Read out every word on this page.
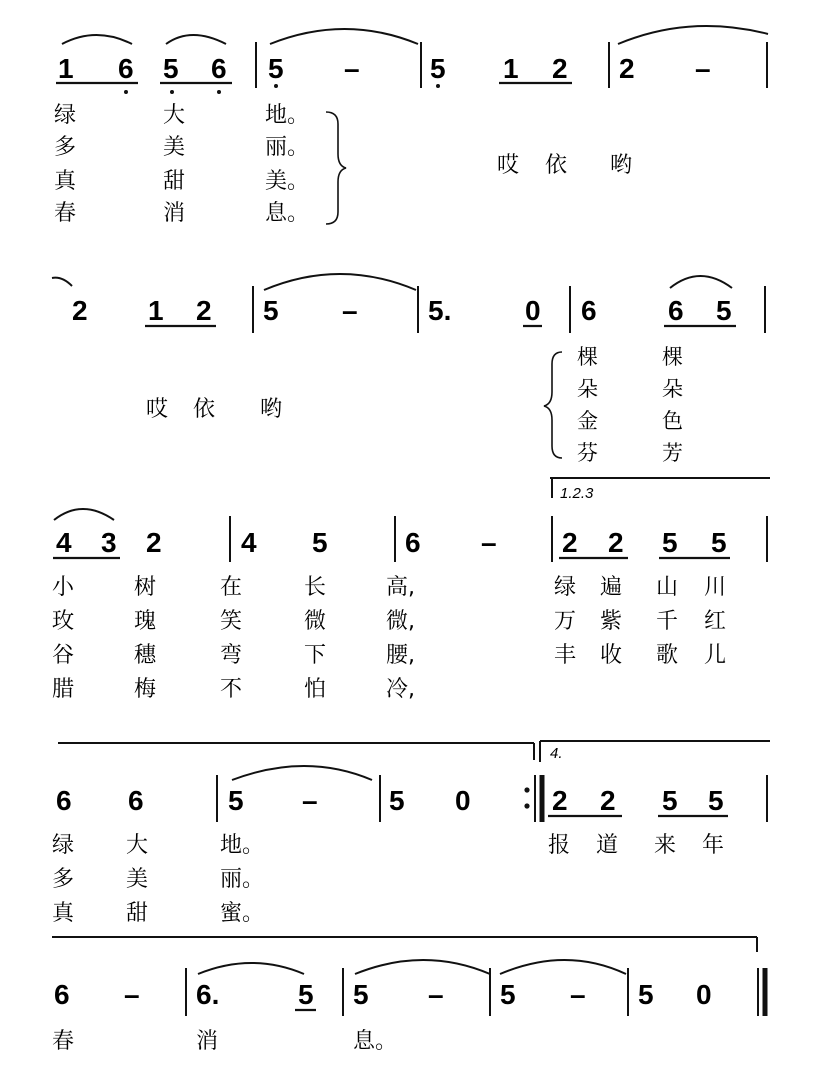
1 6 5 6 5 –	5 1 2 2 –
绿	大	地。
多	美	丽。
真	甜	美。
春	消	息。
哎 依 哟
2 1 2 5 –	5.	0 6	6 5
哎 依 哟
棵	棵
朵	朵
金	色
芬	芳
1.2.3
4 3 2	4 5	6 – 2 2 5 5
小	树	在	长	高,	绿 遍 山 川
玫	瑰	笑	微	微,	万 紫 千 红
谷	穗	弯	下	腰,	丰 收 歌 儿
腊	梅	不	怕	冷,
4.
6 6	5 –	5 0	2 2 5 5
绿 大	地。
多 美	丽。
真 甜	蜜。
报 道 来 年
6 – 6.	5 5 – 5 – 5 0
春	消	息。
